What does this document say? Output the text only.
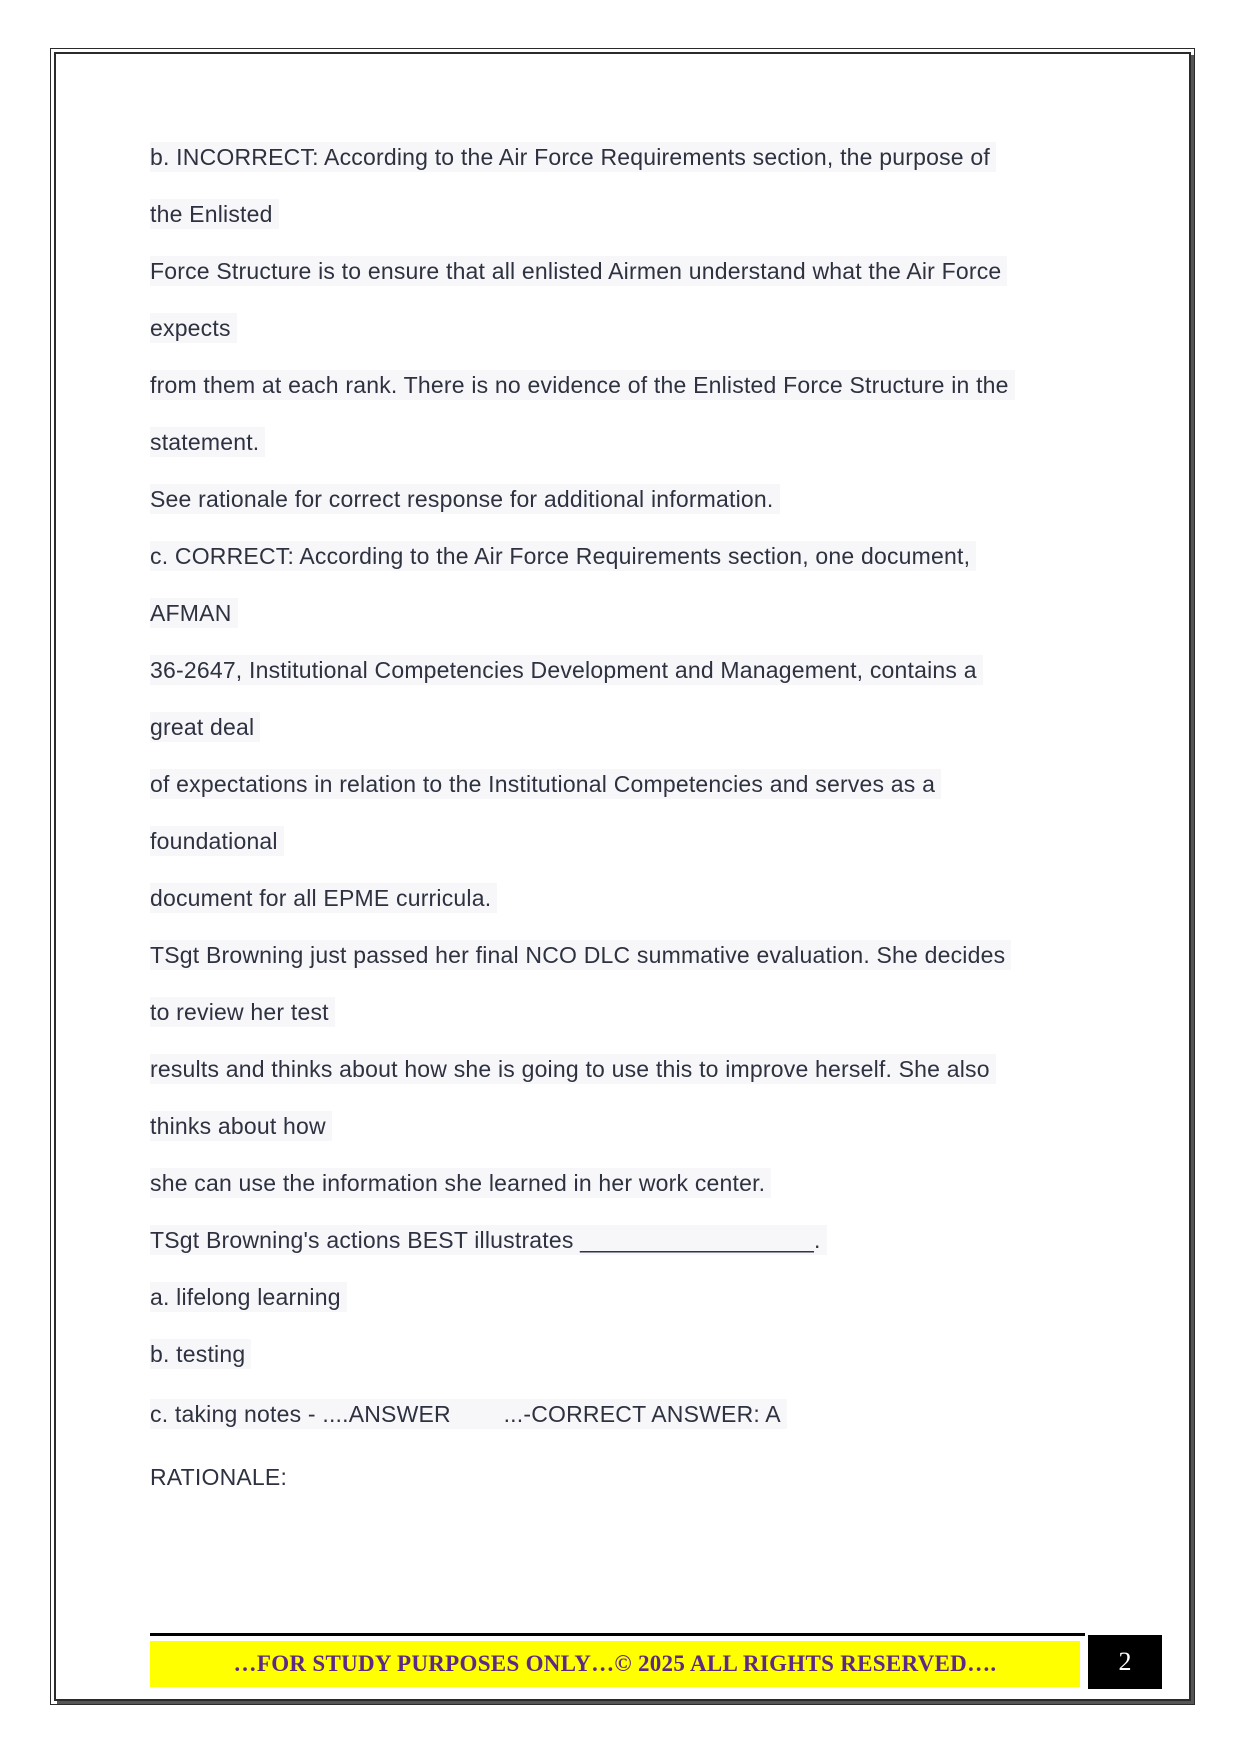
b. INCORRECT: According to the Air Force Requirements section, the purpose of
the Enlisted
Force Structure is to ensure that all enlisted Airmen understand what the Air Force
expects
from them at each rank. There is no evidence of the Enlisted Force Structure in the
statement.
See rationale for correct response for additional information.
c. CORRECT: According to the Air Force Requirements section, one document,
AFMAN
36-2647, Institutional Competencies Development and Management, contains a
great deal
of expectations in relation to the Institutional Competencies and serves as a
foundational
document for all EPME curricula.
TSgt Browning just passed her final NCO DLC summative evaluation. She decides
to review her test
results and thinks about how she is going to use this to improve herself. She also
thinks about how
she can use the information she learned in her work center.
TSgt Browning's actions BEST illustrates __________________.
a. lifelong learning
b. testing
c. taking notes - ....ANSWER        ...-CORRECT ANSWER: A
RATIONALE:
…FOR STUDY PURPOSES ONLY…© 2025 ALL RIGHTS RESERVED….	2
